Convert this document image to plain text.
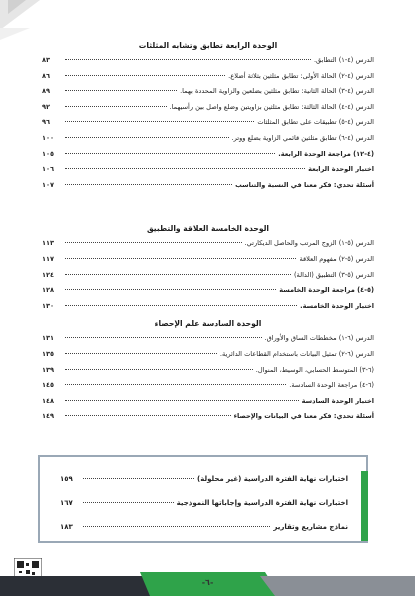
الوحدة الرابعة تطابق وتشابه المثلثات
الدرس (٤-١) التطابق.
٨٣
الدرس (٤-٢) الحالة الأولى: تطابق مثلثين بثلاثة أضلاع.
٨٦
الدرس (٤-٣) الحالة الثانية: تطابق مثلثين بضلعين والزاوية المحددة بهما.
٨٩
الدرس (٤-٤) الحالة الثالثة: تطابق مثلثين بزاويتين وضلع واصل بين رأسيهما.
٩٢
الدرس (٤-٥) تطبيقات على تطابق المثلثات
٩٦
الدرس (٤-٦) تطابق مثلثين قائمي الزاوية بضلع ووتر.
١٠٠
(٤-١٢) مراجعة الوحدة الرابعة.
١٠٥
اختبار الوحدة الرابعة
١٠٦
أسئلة تحدي: فكر معنا في النسبة والتناسب
١٠٧
الوحدة الخامسة العلاقة والتطبيق
الدرس (٥-١) الزوج المرتب والحاصل الديكارتي.
١١٣
الدرس (٥-٢) مفهوم العلاقة
١١٧
الدرس (٥-٣) التطبيق (الدالة)
١٢٤
(٥-٤) مراجعة الوحدة الخامسة
١٢٨
اختبار الوحدة الخامسة.
١٣٠
الوحدة السادسة علم الإحصاء
الدرس (٦-١) مخططات الساق والأوراق.
١٣١
الدرس (٦-٢) تمثيل البيانات باستخدام القطاعات الدائرية.
١٣٥
(٦-٣) المتوسط الحسابي، الوسيط، المنوال.
١٣٩
(٦-٤) مراجعة الوحدة السادسة.
١٤٥
اختبار الوحدة السادسة
١٤٨
أسئلة تحدي: فكر معنا في البيانات والإحصاء
١٤٩
اختبارات نهاية الفترة الدراسية (غير محلولة)
١٥٩
اختبارات نهاية الفترة الدراسية وإجاباتها النموذجية
١٦٧
نماذج مشاريع وتقارير
١٨٣
-٦-
